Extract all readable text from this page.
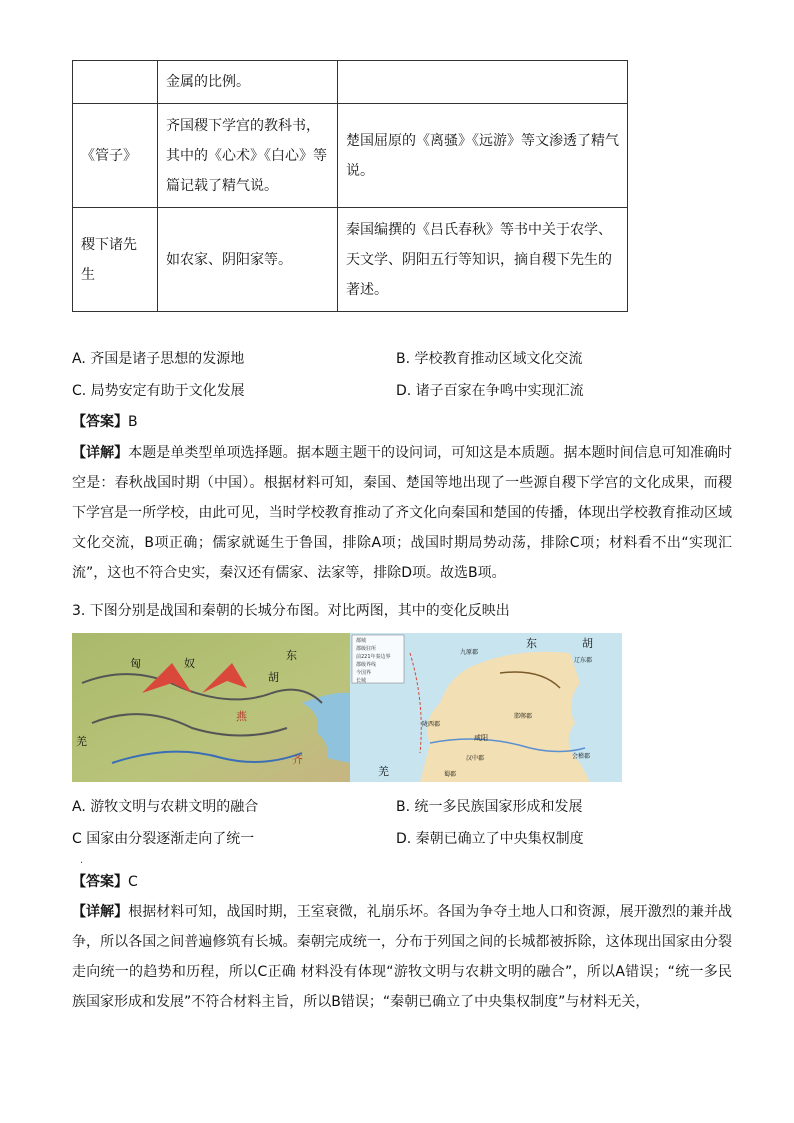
	金属的比例。	
《管子》	齐国稷下学宫的教科书，其中的《心术》《白心》等篇记载了精气说。	楚国屈原的《离骚》《远游》等文渗透了精气说。
稷下诸先生	如农家、阴阳家等。	秦国编撰的《吕氏春秋》等书中关于农学、天文学、阴阳五行等知识，摘自稷下先生的著述。
A. 齐国是诸子思想的发源地	B. 学校教育推动区域文化交流
C. 局势安定有助于文化发展	D. 诸子百家在争鸣中实现汇流
【答案】B
【详解】本题是单类型单项选择题。据本题主题干的设问词，可知这是本质题。据本题时间信息可知准确时空是：春秋战国时期（中国）。根据材料可知，秦国、楚国等地出现了一些源自稷下学宫的文化成果，而稷下学宫是一所学校，由此可见，当时学校教育推动了齐文化向秦国和楚国的传播，体现出学校教育推动区域文化交流，B项正确；儒家就诞生于鲁国，排除A项；战国时期局势动荡，排除C项；材料看不出“实现汇流”，这也不符合史实，秦汉还有儒家、法家等，排除D项。故选B项。
3. 下图分别是战国和秦朝的长城分布图。对比两图，其中的变化反映出
匈	奴
胡
东
燕
齐
羌
都城
郡级驻所
前221年秦边界
郡级界线
今国界
长城
东	胡
九原郡
辽东郡
咸阳
邯郸郡
陇西郡
汉中郡
蜀郡
会稽郡
羌
A. 游牧文明与农耕文明的融合	B. 统一多民族国家形成和发展
C 国家由分裂逐渐走向了统一	D. 秦朝已确立了中央集权制度
.
【答案】C
【详解】根据材料可知，战国时期，王室衰微，礼崩乐坏。各国为争夺土地人口和资源，展开激烈的兼并战争，所以各国之间普遍修筑有长城。秦朝完成统一，分布于列国之间的长城都被拆除，这体现出国家由分裂走向统一的趋势和历程，所以C正确 材料没有体现“游牧文明与农耕文明的融合”，所以A错误；“统一多民族国家形成和发展”不符合材料主旨，所以B错误；“秦朝已确立了中央集权制度”与材料无关，
